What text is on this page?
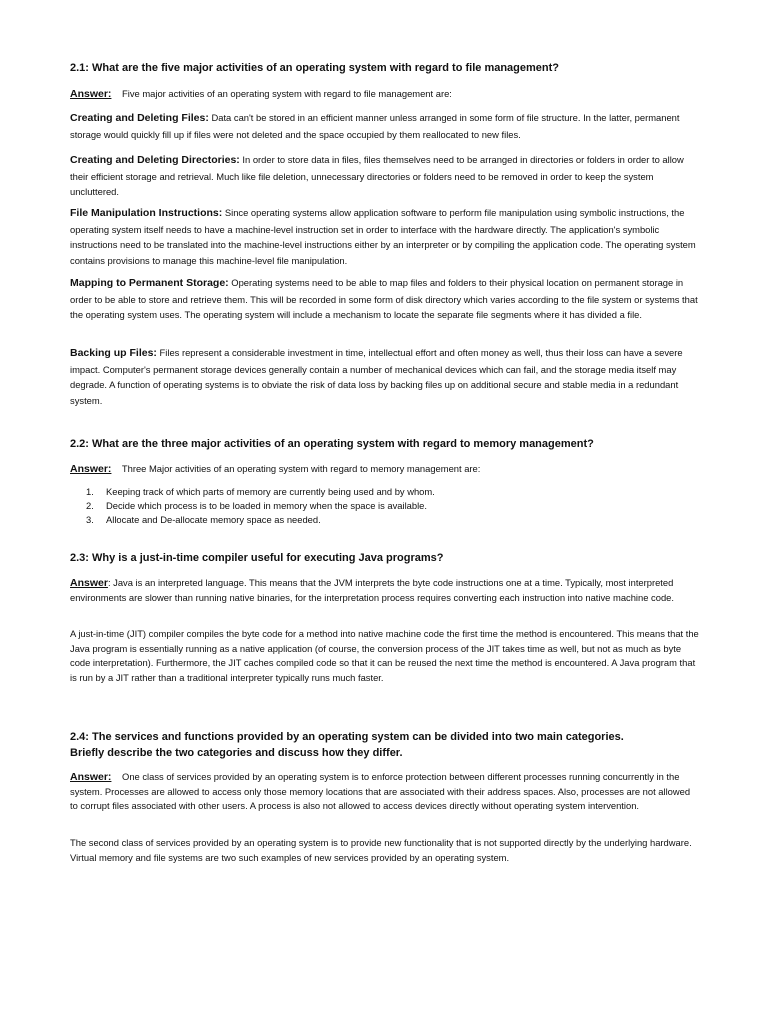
2.1: What are the five major activities of an operating system with regard to file management?
Answer: Five major activities of an operating system with regard to file management are:
Creating and Deleting Files: Data can't be stored in an efficient manner unless arranged in some form of file structure. In the latter, permanent storage would quickly fill up if files were not deleted and the space occupied by them reallocated to new files.
Creating and Deleting Directories: In order to store data in files, files themselves need to be arranged in directories or folders in order to allow their efficient storage and retrieval. Much like file deletion, unnecessary directories or folders need to be removed in order to keep the system uncluttered.
File Manipulation Instructions: Since operating systems allow application software to perform file manipulation using symbolic instructions, the operating system itself needs to have a machine-level instruction set in order to interface with the hardware directly. The application's symbolic instructions need to be translated into the machine-level instructions either by an interpreter or by compiling the application code. The operating system contains provisions to manage this machine-level file manipulation.
Mapping to Permanent Storage: Operating systems need to be able to map files and folders to their physical location on permanent storage in order to be able to store and retrieve them. This will be recorded in some form of disk directory which varies according to the file system or systems that the operating system uses. The operating system will include a mechanism to locate the separate file segments where it has divided a file.
Backing up Files: Files represent a considerable investment in time, intellectual effort and often money as well, thus their loss can have a severe impact. Computer's permanent storage devices generally contain a number of mechanical devices which can fail, and the storage media itself may degrade. A function of operating systems is to obviate the risk of data loss by backing files up on additional secure and stable media in a redundant system.
2.2: What are the three major activities of an operating system with regard to memory management?
Answer: Three Major activities of an operating system with regard to memory management are:
1. Keeping track of which parts of memory are currently being used and by whom.
2. Decide which process is to be loaded in memory when the space is available.
3. Allocate and De-allocate memory space as needed.
2.3: Why is a just-in-time compiler useful for executing Java programs?
Answer: Java is an interpreted language. This means that the JVM interprets the byte code instructions one at a time. Typically, most interpreted environments are slower than running native binaries, for the interpretation process requires converting each instruction into native machine code.
A just-in-time (JIT) compiler compiles the byte code for a method into native machine code the first time the method is encountered. This means that the Java program is essentially running as a native application (of course, the conversion process of the JIT takes time as well, but not as much as byte code interpretation). Furthermore, the JIT caches compiled code so that it can be reused the next time the method is encountered. A Java program that is run by a JIT rather than a traditional interpreter typically runs much faster.
2.4: The services and functions provided by an operating system can be divided into two main categories.
Briefly describe the two categories and discuss how they differ.
Answer: One class of services provided by an operating system is to enforce protection between different processes running concurrently in the system. Processes are allowed to access only those memory locations that are associated with their address spaces. Also, processes are not allowed to corrupt files associated with other users. A process is also not allowed to access devices directly without operating system intervention.
The second class of services provided by an operating system is to provide new functionality that is not supported directly by the underlying hardware. Virtual memory and file systems are two such examples of new services provided by an operating system.
